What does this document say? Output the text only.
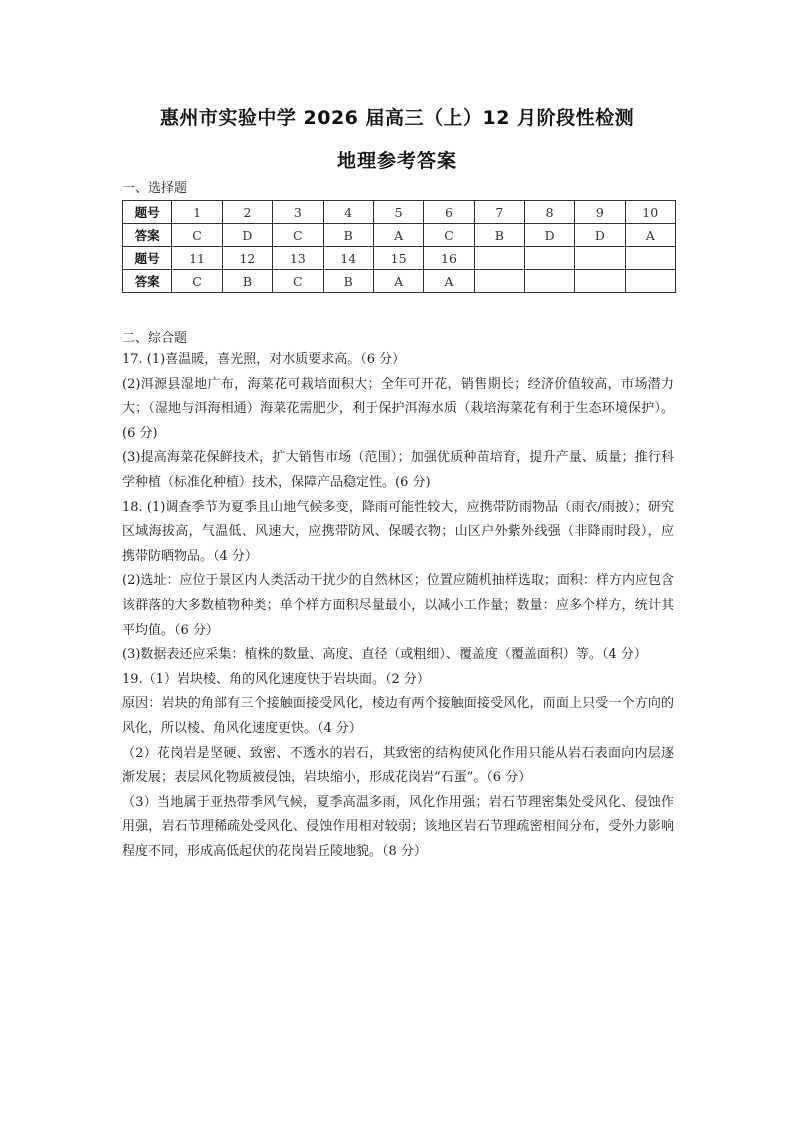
惠州市实验中学 2026 届高三（上）12 月阶段性检测
地理参考答案
一、选择题
题号	1	2	3	4	5	6	7	8	9	10
答案	C	D	C	B	A	C	B	D	D	A
题号	11	12	13	14	15	16				
答案	C	B	C	B	A	A				
二、综合题

17. (1)喜温暖，喜光照，对水质要求高。（6 分）

(2)洱源县湿地广布，海菜花可栽培面积大；全年可开花，销售期长；经济价值较高，市场潜力大；（湿地与洱海相通）海菜花需肥少，利于保护洱海水质（栽培海菜花有利于生态环境保护）。(6 分)

(3)提高海菜花保鲜技术，扩大销售市场（范围）；加强优质种苗培育，提升产量、质量；推行科学种植（标准化种植）技术，保障产品稳定性。(6 分)

18. (1)调查季节为夏季且山地气候多变，降雨可能性较大，应携带防雨物品（雨衣/雨披）；研究区域海拔高，气温低、风速大，应携带防风、保暖衣物；山区户外紫外线强（非降雨时段），应携带防晒物品。（4 分）

(2)选址：应位于景区内人类活动干扰少的自然林区；位置应随机抽样选取；面积：样方内应包含该群落的大多数植物种类；单个样方面积尽量最小，以减小工作量；数量：应多个样方，统计其平均值。（6 分）

(3)数据表还应采集：植株的数量、高度、直径（或粗细）、覆盖度（覆盖面积）等。（4 分）

19.（1）岩块棱、角的风化速度快于岩块面。（2 分）

原因：岩块的角部有三个接触面接受风化，棱边有两个接触面接受风化，而面上只受一个方向的风化，所以棱、角风化速度更快。（4 分）

（2）花岗岩是坚硬、致密、不透水的岩石，其致密的结构使风化作用只能从岩石表面向内层逐渐发展；表层风化物质被侵蚀，岩块缩小，形成花岗岩“石蛋”。（6 分）

（3）当地属于亚热带季风气候，夏季高温多雨，风化作用强；岩石节理密集处受风化、侵蚀作用强，岩石节理稀疏处受风化、侵蚀作用相对较弱；该地区岩石节理疏密相间分布，受外力影响程度不同，形成高低起伏的花岗岩丘陵地貌。（8 分）
